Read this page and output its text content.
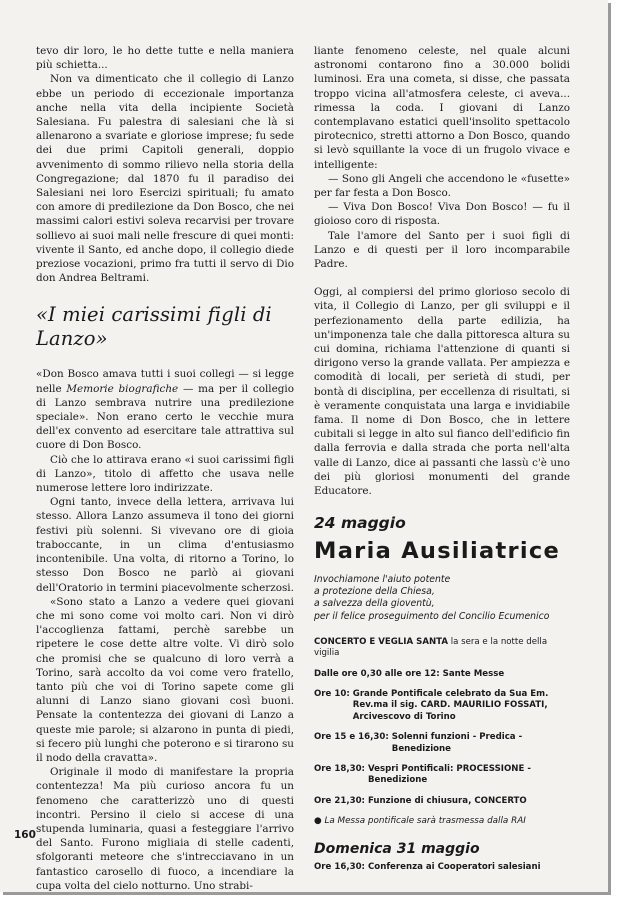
tevo dir loro, le ho dette tutte e nella maniera più schietta...

Non va dimenticato che il collegio di Lanzo ebbe un periodo di eccezionale importanza anche nella vita della incipiente Società Salesiana. Fu palestra di salesiani che là si allenarono a svariate e gloriose imprese; fu sede dei due primi Capitoli generali, doppio avvenimento di sommo rilievo nella storia della Congregazione; dal 1870 fu il paradiso dei Salesiani nei loro Esercizi spirituali; fu amato con amore di predilezione da Don Bosco, che nei massimi calori estivi soleva recarvisi per trovare sollievo ai suoi mali nelle frescure di quei monti: vivente il Santo, ed anche dopo, il collegio diede preziose vocazioni, primo fra tutti il servo di Dio don Andrea Beltrami.

«I miei carissimi figli di Lanzo»

«Don Bosco amava tutti i suoi collegi — si legge nelle Memorie biografiche — ma per il collegio di Lanzo sembrava nutrire una predilezione speciale». Non erano certo le vecchie mura dell'ex convento ad esercitare tale attrattiva sul cuore di Don Bosco.

Ciò che lo attirava erano «i suoi carissimi figli di Lanzo», titolo di affetto che usava nelle numerose lettere loro indirizzate.

Ogni tanto, invece della lettera, arrivava lui stesso. Allora Lanzo assumeva il tono dei giorni festivi più solenni. Si vivevano ore di gioia traboccante, in un clima d'entusiasmo incontenibile. Una volta, di ritorno a Torino, lo stesso Don Bosco ne parlò ai giovani dell'Oratorio in termini piacevolmente scherzosi.

«Sono stato a Lanzo a vedere quei giovani che mi sono come voi molto cari. Non vi dirò l'accoglienza fattami, perchè sarebbe un ripetere le cose dette altre volte. Vi dirò solo che promisi che se qualcuno di loro verrà a Torino, sarà accolto da voi come vero fratello, tanto più che voi di Torino sapete come gli alunni di Lanzo siano giovani così buoni. Pensate la contentezza dei giovani di Lanzo a queste mie parole; si alzarono in punta di piedi, si fecero più lunghi che poterono e si tirarono su il nodo della cravatta».

Originale il modo di manifestare la propria contentezza! Ma più curioso ancora fu un fenomeno che caratterizzò uno di questi incontri. Persino il cielo si accese di una stupenda luminaria, quasi a festeggiare l'arrivo del Santo. Furono migliaia di stelle cadenti, sfolgoranti meteore che s'intrecciavano in un fantastico carosello di fuoco, a incendiare la cupa volta del cielo notturno. Uno strabi-

liante fenomeno celeste, nel quale alcuni astronomi contarono fino a 30.000 bolidi luminosi. Era una cometa, si disse, che passata troppo vicina all'atmosfera celeste, ci aveva... rimessa la coda. I giovani di Lanzo contemplavano estatici quell'insolito spettacolo pirotecnico, stretti attorno a Don Bosco, quando si levò squillante la voce di un frugolo vivace e intelligente:

— Sono gli Angeli che accendono le «fusette» per far festa a Don Bosco.

— Viva Don Bosco! Viva Don Bosco! — fu il gioioso coro di risposta.

Tale l'amore del Santo per i suoi figli di Lanzo e di questi per il loro incomparabile Padre.

Oggi, al compiersi del primo glorioso secolo di vita, il Collegio di Lanzo, per gli sviluppi e il perfezionamento della parte edilizia, ha un'imponenza tale che dalla pittoresca altura su cui domina, richiama l'attenzione di quanti si dirigono verso la grande vallata. Per ampiezza e comodità di locali, per serietà di studi, per bontà di disciplina, per eccellenza di risultati, si è veramente conquistata una larga e invidiabile fama. Il nome di Don Bosco, che in lettere cubitali si legge in alto sul fianco dell'edificio fin dalla ferrovia e dalla strada che porta nell'alta valle di Lanzo, dice ai passanti che lassù c'è uno dei più gloriosi monumenti del grande Educatore.

24 maggio
Maria Ausiliatrice
Invochiamone l'aiuto potente
a protezione della Chiesa,
a salvezza della gioventù,
per il felice proseguimento del Concilio Ecumenico
CONCERTO E VEGLIA SANTA la sera e la notte della vigilia
Dalle ore 0,30 alle ore 12: Sante Messe
Ore 10: Grande Pontificale celebrato da Sua Em. Rev.ma il sig. CARD. MAURILIO FOSSATI, Arcivescovo di Torino
Ore 15 e 16,30: Solenni funzioni - Predica - Benedizione
Ore 18,30: Vespri Pontificali: PROCESSIONE - Benedizione
Ore 21,30: Funzione di chiusura, CONCERTO
● La Messa pontificale sarà trasmessa dalla RAI
Domenica 31 maggio
Ore 16,30: Conferenza ai Cooperatori salesiani
160
